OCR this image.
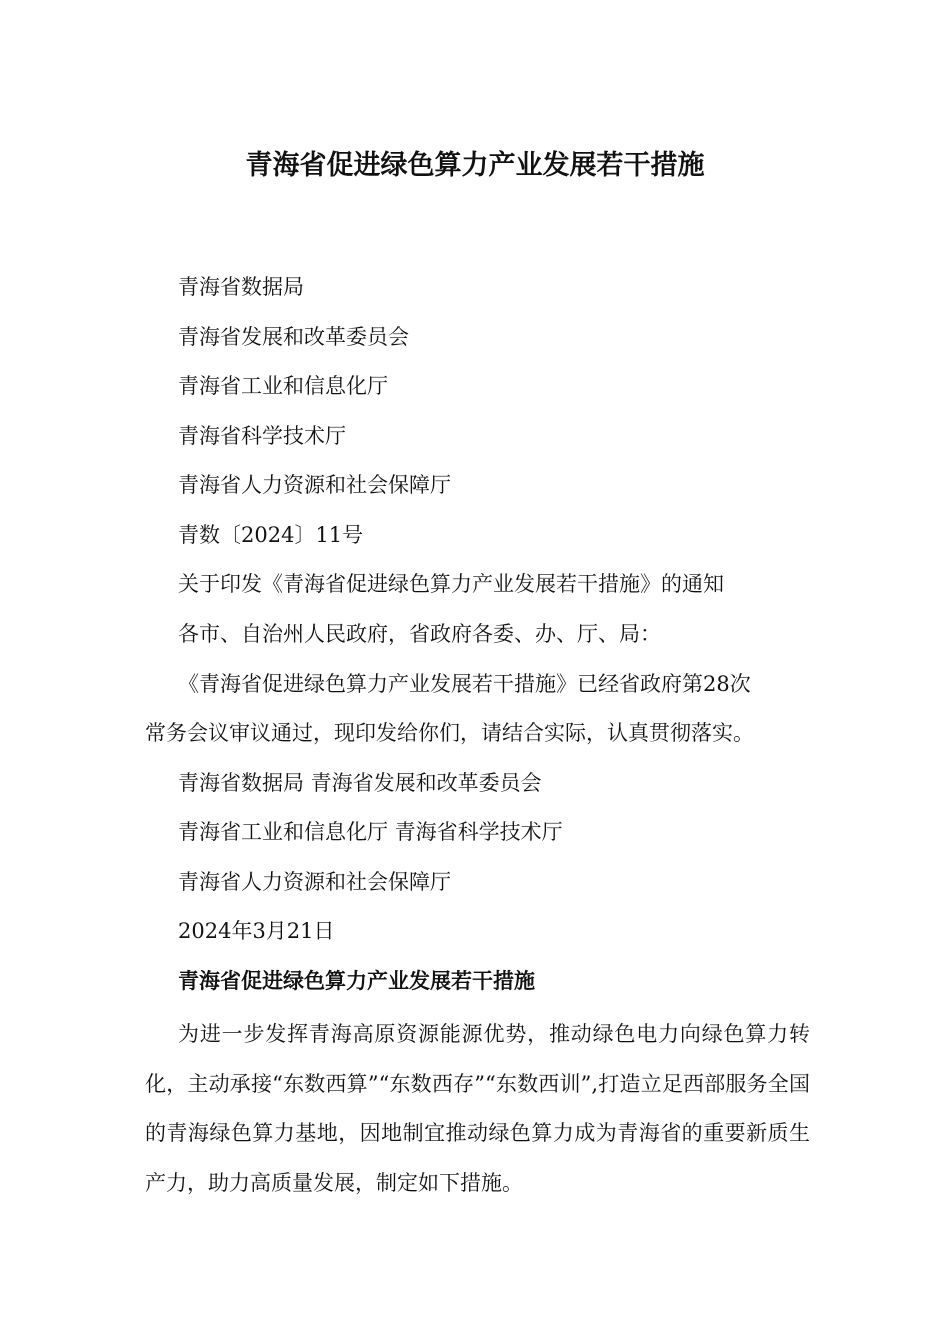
青海省促进绿色算力产业发展若干措施
青海省数据局
青海省发展和改革委员会
青海省工业和信息化厅
青海省科学技术厅
青海省人力资源和社会保障厅
青数〔2024〕11号
关于印发《青海省促进绿色算力产业发展若干措施》的通知
各市、自治州人民政府，省政府各委、办、厅、局：
《青海省促进绿色算力产业发展若干措施》已经省政府第28次
常务会议审议通过，现印发给你们，请结合实际，认真贯彻落实。
青海省数据局 青海省发展和改革委员会
青海省工业和信息化厅 青海省科学技术厅
青海省人力资源和社会保障厅
2024年3月21日
青海省促进绿色算力产业发展若干措施
为进一步发挥青海高原资源能源优势，推动绿色电力向绿色算力转化，主动承接“东数西算”“东数西存”“东数西训”,打造立足西部服务全国的青海绿色算力基地，因地制宜推动绿色算力成为青海省的重要新质生产力，助力高质量发展，制定如下措施。
